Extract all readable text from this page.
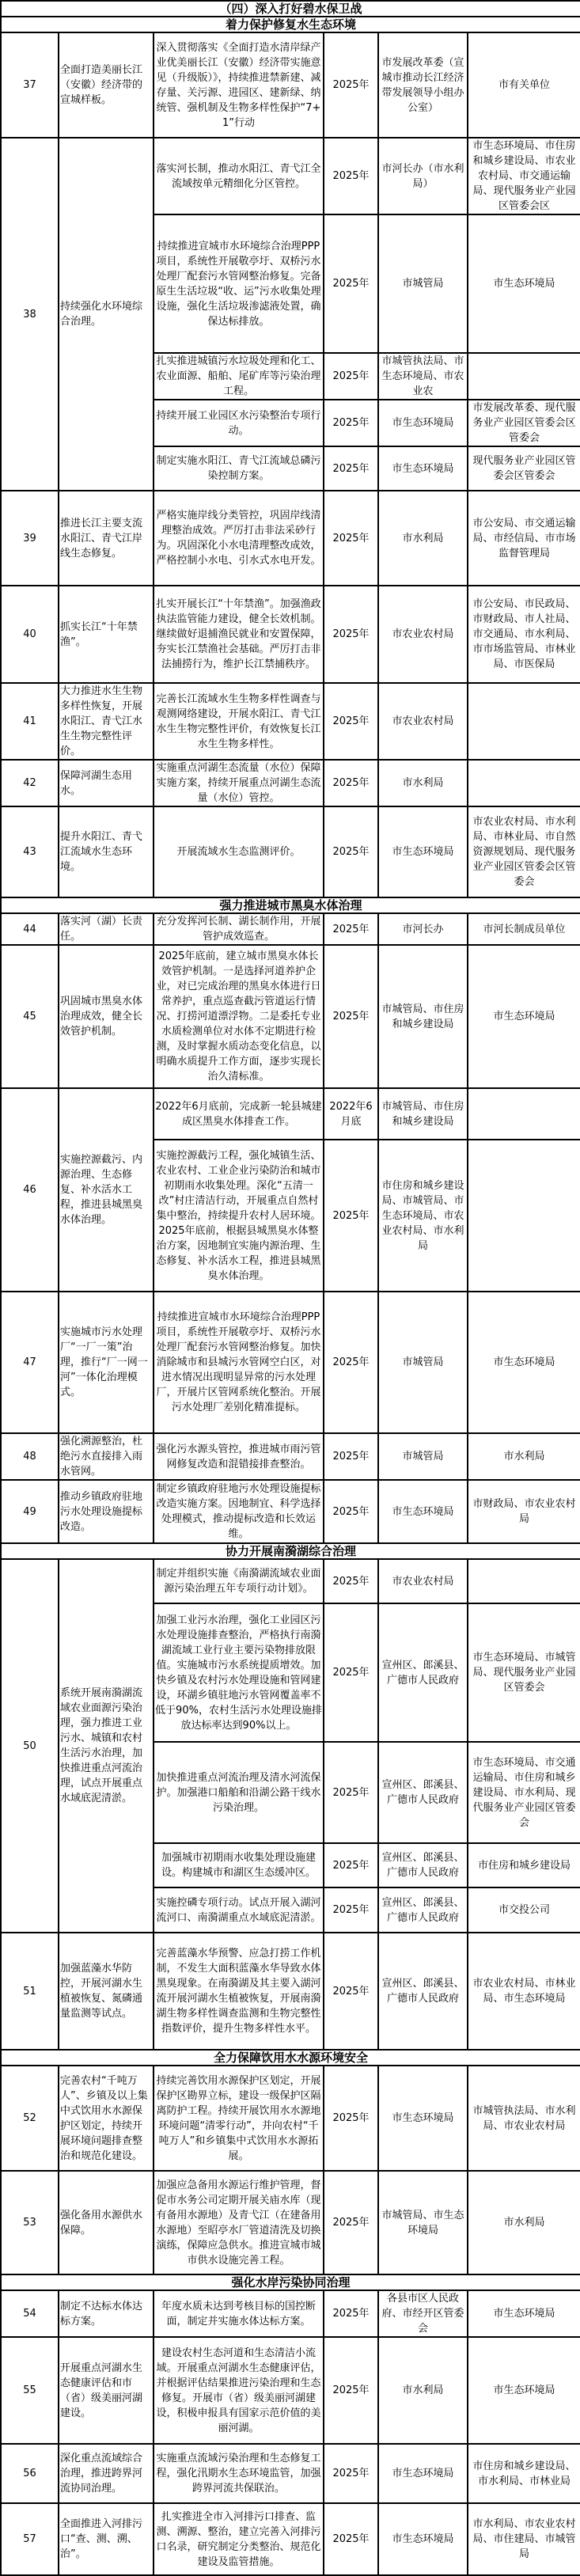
（四）深入打好碧水保卫战					
着力保护修复水生态环境					
37	全面打造美丽长江（安徽）经济带的宣城样板。	深入贯彻落实《全面打造水清岸绿产业优美丽长江（安徽）经济带实施意见（升级版）》，持续推进禁新建、减存量、关污源、进园区、建新绿、纳统管、强机制及生物多样性保护“7+1”行动	2025年	市发展改革委（宣城市推动长江经济带发展领导小组办公室）	市有关单位
38	持续强化水环境综合治理。	落实河长制，推动水阳江、青弋江全流域按单元精细化分区管控。	2025年	市河长办（市水利局）	市生态环境局、市住房和城乡建设局、市农业农村局、市交通运输局、现代服务业产业园区管委会区
		持续推进宣城市水环境综合治理PPP项目，系统性开展敬亭圩、双桥污水处理厂配套污水管网整治修复。完备原生生活垃圾“收、运”污水收集处理设施，强化生活垃圾渗滤液处置，确保达标排放。	2025年	市城管局	市生态环境局
		扎实推进城镇污水垃圾处理和化工、农业面源、船舶、尾矿库等污染治理工程。	2025年	市城管执法局、市生态环境局、市农业农	
		持续开展工业园区水污染整治专项行动。	2025年	市生态环境局	市发展改革委、现代服务业产业园区管委会区管委会
		制定实施水阳江、青弋江流域总磷污染控制方案。	2025年	市生态环境局	现代服务业产业园区管委会区管委会
39	推进长江主要支流水阳江、青弋江岸线生态修复。	严格实施岸线分类管控，巩固岸线清理整治成效。严厉打击非法采砂行为。巩固深化小水电清理整改成效，严格控制小水电、引水式水电开发。	2025年	市水利局	市公安局、市交通运输局、市经信局、市市场监督管理局
40	抓实长江“十年禁渔”。	扎实开展长江“十年禁渔”。加强渔政执法监管能力建设，健全长效机制。继续做好退捕渔民就业和安置保障，夯实长江禁渔社会基础。严厉打击非法捕捞行为，维护长江禁捕秩序。	2025年	市农业农村局	市公安局、市民政局、市财政局、市人社局、市交通局、市水利局、市市场监管局、市林业局、市医保局
41	大力推进水生生物多样性恢复，开展水阳江、青弋江水生生物完整性评价。	完善长江流域水生生物多样性调查与观测网络建设，开展水阳江、青弋江水生生物完整性评价，有效恢复长江水生生物多样性。	2025年	市农业农村局	
42	保障河湖生态用水。	实施重点河湖生态流量（水位）保障实施方案，持续开展重点河湖生态流量（水位）管控。	2025年	市水利局	
43	提升水阳江、青弋江流域水生态环境。	开展流域水生态监测评价。	2025年	市生态环境局	市农业农村局、市水利局、市林业局、市自然资源规划局、现代服务业产业园区管委会区管委会
强力推进城市黑臭水体治理					
44	落实河（湖）长责任。	充分发挥河长制、湖长制作用，开展管护成效巡查。	2025年	市河长办	市河长制成员单位
45	巩固城市黑臭水体治理成效，健全长效管护机制。	2025年底前，建立城市黑臭水体长效管护机制。一是选择河道养护企业，对已完成治理的黑臭水体进行日常养护，重点巡查截污管道运行情况、打捞河道漂浮物。二是委托专业水质检测单位对水体不定期进行检测，及时掌握水质动态变化信息，以明确水质提升工作方面，逐步实现长治久清标准。	2025年	市城管局、市住房和城乡建设局	市生态环境局
46	实施控源截污、内源治理、生态修复、补水活水工程，推进县城黑臭水体治理。	2022年6月底前，完成新一轮县城建成区黑臭水体排查工作。	2022年6月底	市城管局、市住房和城乡建设局	
		实施控源截污工程，强化城镇生活、农业农村、工业企业污染防治和城市初期雨水收集处理。深化“五清一改”村庄清洁行动，开展重点自然村集中整治，持续提升农村人居环境。2025年底前，根据县城黑臭水体整治方案，因地制宜实施内源治理、生态修复、补水活水工程，推进县城黑臭水体治理。	2025年	市住房和城乡建设局、市城管局、市生态环境局、市农业农村局、市水利局	
47	实施城市污水处理厂“一厂一策”治理，推行“厂一网一河”一体化治理模式。	持续推进宣城市水环境综合治理PPP项目，系统性开展敬亭圩、双桥污水处理厂配套污水管网整治修复。加快消除城市和县城污水管网空白区，对进水情况出现明显异常的污水处理厂，开展片区管网系统化整治。开展污水处理厂差别化精准提标。	2025年	市城管局	市生态环境局
48	强化溯源整治，杜绝污水直接排入雨水管网。	强化污水源头管控，推进城市雨污管网修复改造和混错接排查整治。	2025年	市城管局	市水利局
49	推动乡镇政府驻地污水处理设施提标改造。	制定乡镇政府驻地污水处理设施提标改造实施方案。因地制宜、科学选择处理模式，推动提标改造和长效运维。	2025年	市生态环境局	市财政局、市农业农村局
协力开展南漪湖综合治理					
50	系统开展南漪湖流域农业面源污染治理，强力推进工业污水、城镇和农村生活污水治理，加快推进重点河流治理，试点开展重点水域底泥清淤。	制定并组织实施《南漪湖流域农业面源污染治理五年专项行动计划》。	2025年	市农业农村局	
		加强工业污水治理，强化工业园区污水处理设施排查整治，严格执行南漪湖流域工业行业主要污染物排放限值。实施城市污水系统提质增效。加快乡镇及农村污水处理设施和管网建设，环湖乡镇驻地污水管网覆盖率不低于90%，农村生活污水处理设施排放达标率达到90%以上。	2025年	宣州区、郎溪县、广德市人民政府	市生态环境局、市城管局、现代服务业产业园区管委会
		加快推进重点河流治理及清水河流保护。加强港口船舶和沿湖公路干线水污染治理。	2025年	宣州区、郎溪县、广德市人民政府	市生态环境局、市交通运输局、市住房和城乡建设局、市水利局、现代服务业产业园区管委会
		加强城市初期雨水收集处理设施建设。构建城市和湖区生态缓冲区。	2025年	宣州区、郎溪县、广德市人民政府	市住房和城乡建设局
		实施控磷专项行动。试点开展入湖河流河口、南漪湖重点水域底泥清淤。	2025年	宣州区、郎溪县、广德市人民政府	市交投公司
51	加强蓝藻水华防控，开展河湖水生植被恢复、氮磷通量监测等试点。	完善蓝藻水华预警、应急打捞工作机制，不发生大面积蓝藻水华导致水体黑臭现象。在南漪湖及其主要入湖河流开展河湖水生植被恢复，开展南漪湖生物多样性调查监测和生物完整性指数评价，提升生物多样性水平。	2025年	宣州区、郎溪县、广德市人民政府	市农业农村局、市林业局、市生态环境局
全力保障饮用水水源环境安全					
52	完善农村“千吨万人”、乡镇及以上集中式饮用水水源保护区划定，持续开展环境问题排查整治和规范化建设。	持续完善饮用水源保护区划定，开展保护区勘界立标，建设一级保护区隔离防护工程。持续开展饮用水水源地环境问题“清零行动”，并向农村“千吨万人”和乡镇集中式饮用水水源拓展。	2025年	市生态环境局	市城管执法局、市水利局、市农业农村局
53	强化备用水源供水保障。	加强应急备用水源运行维护管理，督促市水务公司定期开展关庙水库（现有备用水源地）及青弋江（在建备用水源地）至昭亭水厂管道清洗及切换演练，保障应急供水。推进宣城市城市供水设施完善工程。	2025年	市城管局、市生态环境局	市水利局
强化水岸污染协同治理					
54	制定不达标水体达标方案。	年度水质未达到考核目标的国控断面，制定并实施水体达标方案。	2025年	各县市区人民政府、市经开区管委会	市生态环境局
55	开展重点河湖水生态健康评估和市（省）级美丽河湖建设。	建设农村生态河道和生态清洁小流域。开展重点河湖水生态健康评估，并根据评估结果推进污染治理和生态修复。开展市（省）级美丽河湖建设，积极申报具有国家示范价值的美丽河湖。	2025年	市水利局	市生态环境局
56	深化重点流域综合治理，推进跨界河流协同治理。	实施重点流域污染治理和生态修复工程，强化汛期水生态环境监管，加强跨界河流共保联治。	2025年	市生态环境局	市住房和城乡建设局、市水利局、市林业局
57	全面推进入河排污口“查、测、溯、治”。	扎实推进全市入河排污口排查、监测、溯源、整治，建立完善入河排污口名录，研究制定分类整治、规范化建设及监管措施。	2025年	市生态环境局	市水利局、市农业农村局、市住建局、市城管局
